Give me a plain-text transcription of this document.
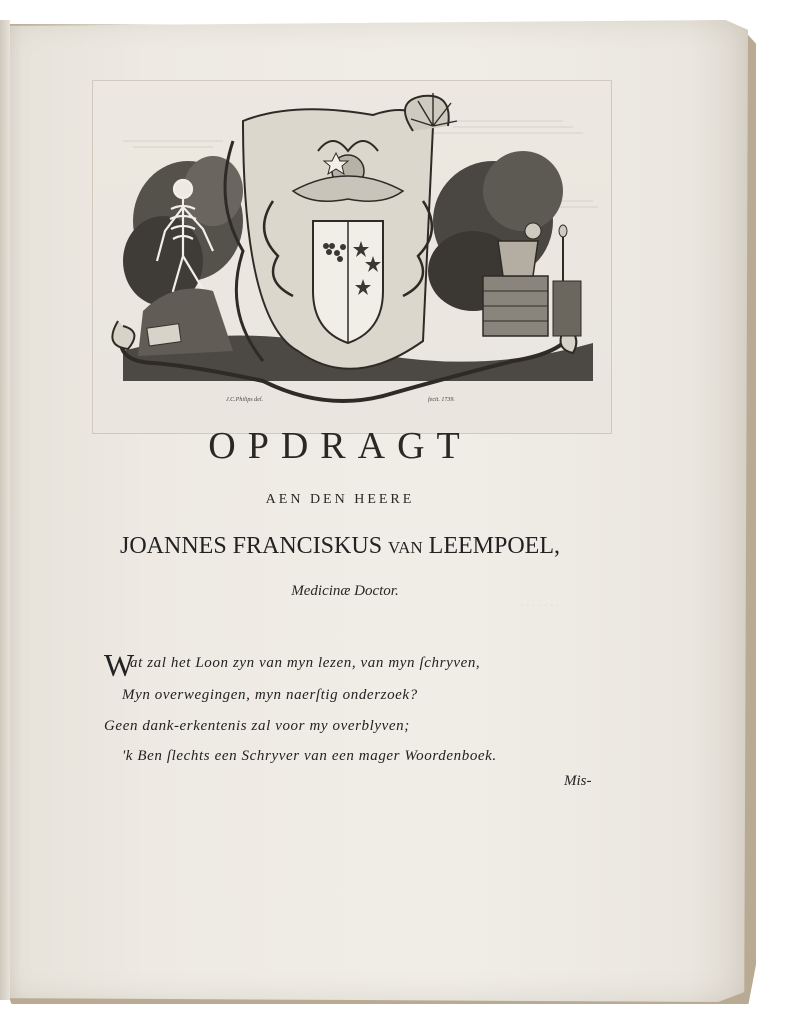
· · · · · · ·
J.C.Philips del.	fecit. 1739.
OPDRAGT
AEN DEN HEERE
JOANNES FRANCISKUS van LEEMPOEL,
Medicinæ Doctor.
W
at zal het Loon zyn van myn lezen, van myn ſchryven,
Myn overwegingen, myn naerſtig onderzoek?
Geen dank-erkentenis zal voor my overblyven;
'k Ben ſlechts een Schryver van een mager Woordenboek.
Mis-
